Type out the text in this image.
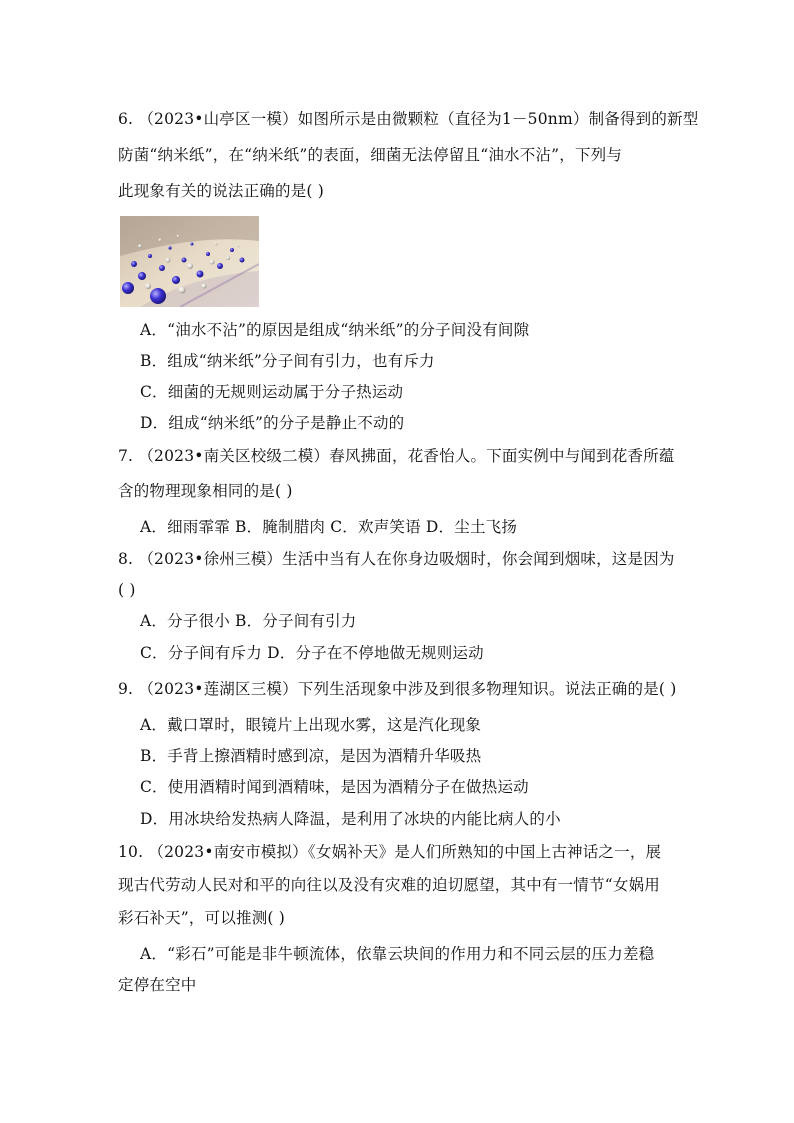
6. （2023•山亭区一模）如图所示是由微颗粒（直径为1－50nm）制备得到的新型
防菌“纳米纸”，在“纳米纸”的表面，细菌无法停留且“油水不沾”，下列与
此现象有关的说法正确的是( )
A．“油水不沾”的原因是组成“纳米纸”的分子间没有间隙
B．组成“纳米纸”分子间有引力，也有斥力
C．细菌的无规则运动属于分子热运动
D．组成“纳米纸”的分子是静止不动的
7. （2023•南关区校级二模）春风拂面，花香怡人。下面实例中与闻到花香所蕴
含的物理现象相同的是( )
A．细雨霏霏 B．腌制腊肉 C．欢声笑语 D．尘土飞扬
8. （2023•徐州三模）生活中当有人在你身边吸烟时，你会闻到烟味，这是因为
( )
A．分子很小 B．分子间有引力
C．分子间有斥力 D．分子在不停地做无规则运动
9. （2023•莲湖区三模）下列生活现象中涉及到很多物理知识。说法正确的是( )
A．戴口罩时，眼镜片上出现水雾，这是汽化现象
B．手背上擦酒精时感到凉，是因为酒精升华吸热
C．使用酒精时闻到酒精味，是因为酒精分子在做热运动
D．用冰块给发热病人降温，是利用了冰块的内能比病人的小
10. （2023•南安市模拟）《女娲补天》是人们所熟知的中国上古神话之一，展
现古代劳动人民对和平的向往以及没有灾难的迫切愿望，其中有一情节“女娲用
彩石补天”，可以推测( )
A．“彩石”可能是非牛顿流体，依靠云块间的作用力和不同云层的压力差稳
定停在空中
